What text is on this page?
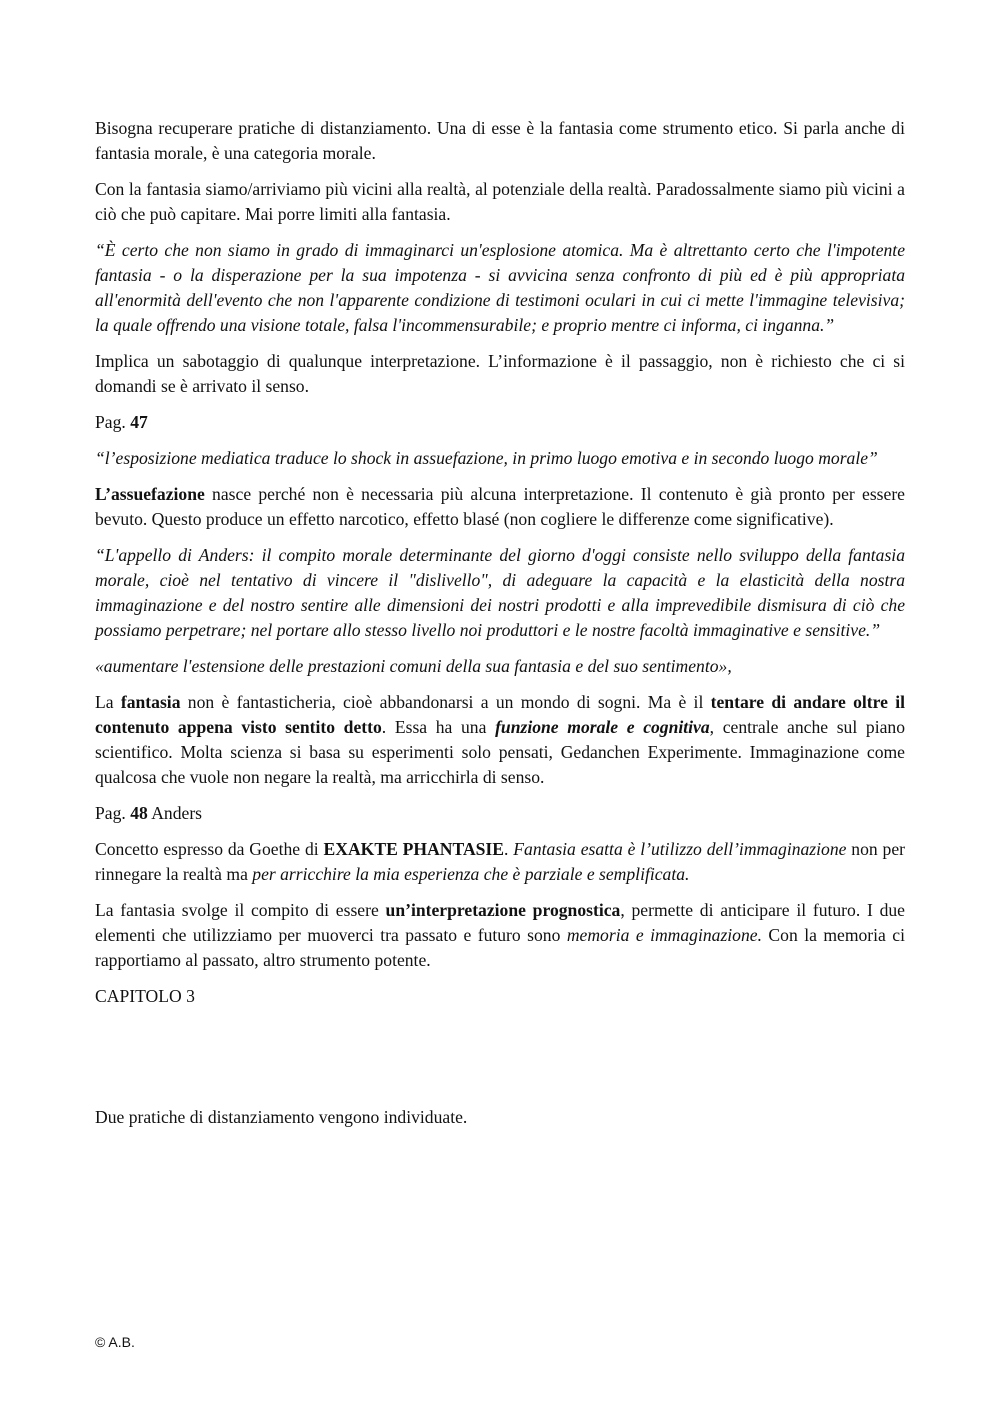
Bisogna recuperare pratiche di distanziamento. Una di esse è la fantasia come strumento etico. Si parla anche di fantasia morale, è una categoria morale.

Con la fantasia siamo/arriviamo più vicini alla realtà, al potenziale della realtà. Paradossalmente siamo più vicini a ciò che può capitare. Mai porre limiti alla fantasia.

“È certo che non siamo in grado di immaginarci un'esplosione atomica. Ma è altrettanto certo che l'impotente fantasia - o la disperazione per la sua impotenza - si avvicina senza confronto di più ed è più appropriata all'enormità dell'evento che non l'apparente condizione di testimoni oculari in cui ci mette l'immagine televisiva; la quale offrendo una visione totale, falsa l'incommensurabile; e proprio mentre ci informa, ci inganna.”

Implica un sabotaggio di qualunque interpretazione. L’informazione è il passaggio, non è richiesto che ci si domandi se è arrivato il senso.

Pag. 47

“l’esposizione mediatica traduce lo shock in assuefazione, in primo luogo emotiva e in secondo luogo morale”

L’assuefazione nasce perché non è necessaria più alcuna interpretazione. Il contenuto è già pronto per essere bevuto. Questo produce un effetto narcotico, effetto blasé (non cogliere le differenze come significative).

“L'appello di Anders: il compito morale determinante del giorno d'oggi consiste nello sviluppo della fantasia morale, cioè nel tentativo di vincere il "dislivello", di adeguare la capacità e la elasticità della nostra immaginazione e del nostro sentire alle dimensioni dei nostri prodotti e alla imprevedibile dismisura di ciò che possiamo perpetrare; nel portare allo stesso livello noi produttori e le nostre facoltà immaginative e sensitive.”

«aumentare l'estensione delle prestazioni comuni della sua fantasia e del suo sentimento»,

La fantasia non è fantasticheria, cioè abbandonarsi a un mondo di sogni. Ma è il tentare di andare oltre il contenuto appena visto sentito detto. Essa ha una funzione morale e cognitiva, centrale anche sul piano scientifico. Molta scienza si basa su esperimenti solo pensati, Gedanchen Experimente. Immaginazione come qualcosa che vuole non negare la realtà, ma arricchirla di senso.

Pag. 48 Anders

Concetto espresso da Goethe di EXAKTE PHANTASIE. Fantasia esatta è l’utilizzo dell’immaginazione non per rinnegare la realtà ma per arricchire la mia esperienza che è parziale e semplificata.

La fantasia svolge il compito di essere un’interpretazione prognostica, permette di anticipare il futuro. I due elementi che utilizziamo per muoverci tra passato e futuro sono memoria e immaginazione. Con la memoria ci rapportiamo al passato, altro strumento potente.

CAPITOLO 3

Due pratiche di distanziamento vengono individuate.

© A.B.
